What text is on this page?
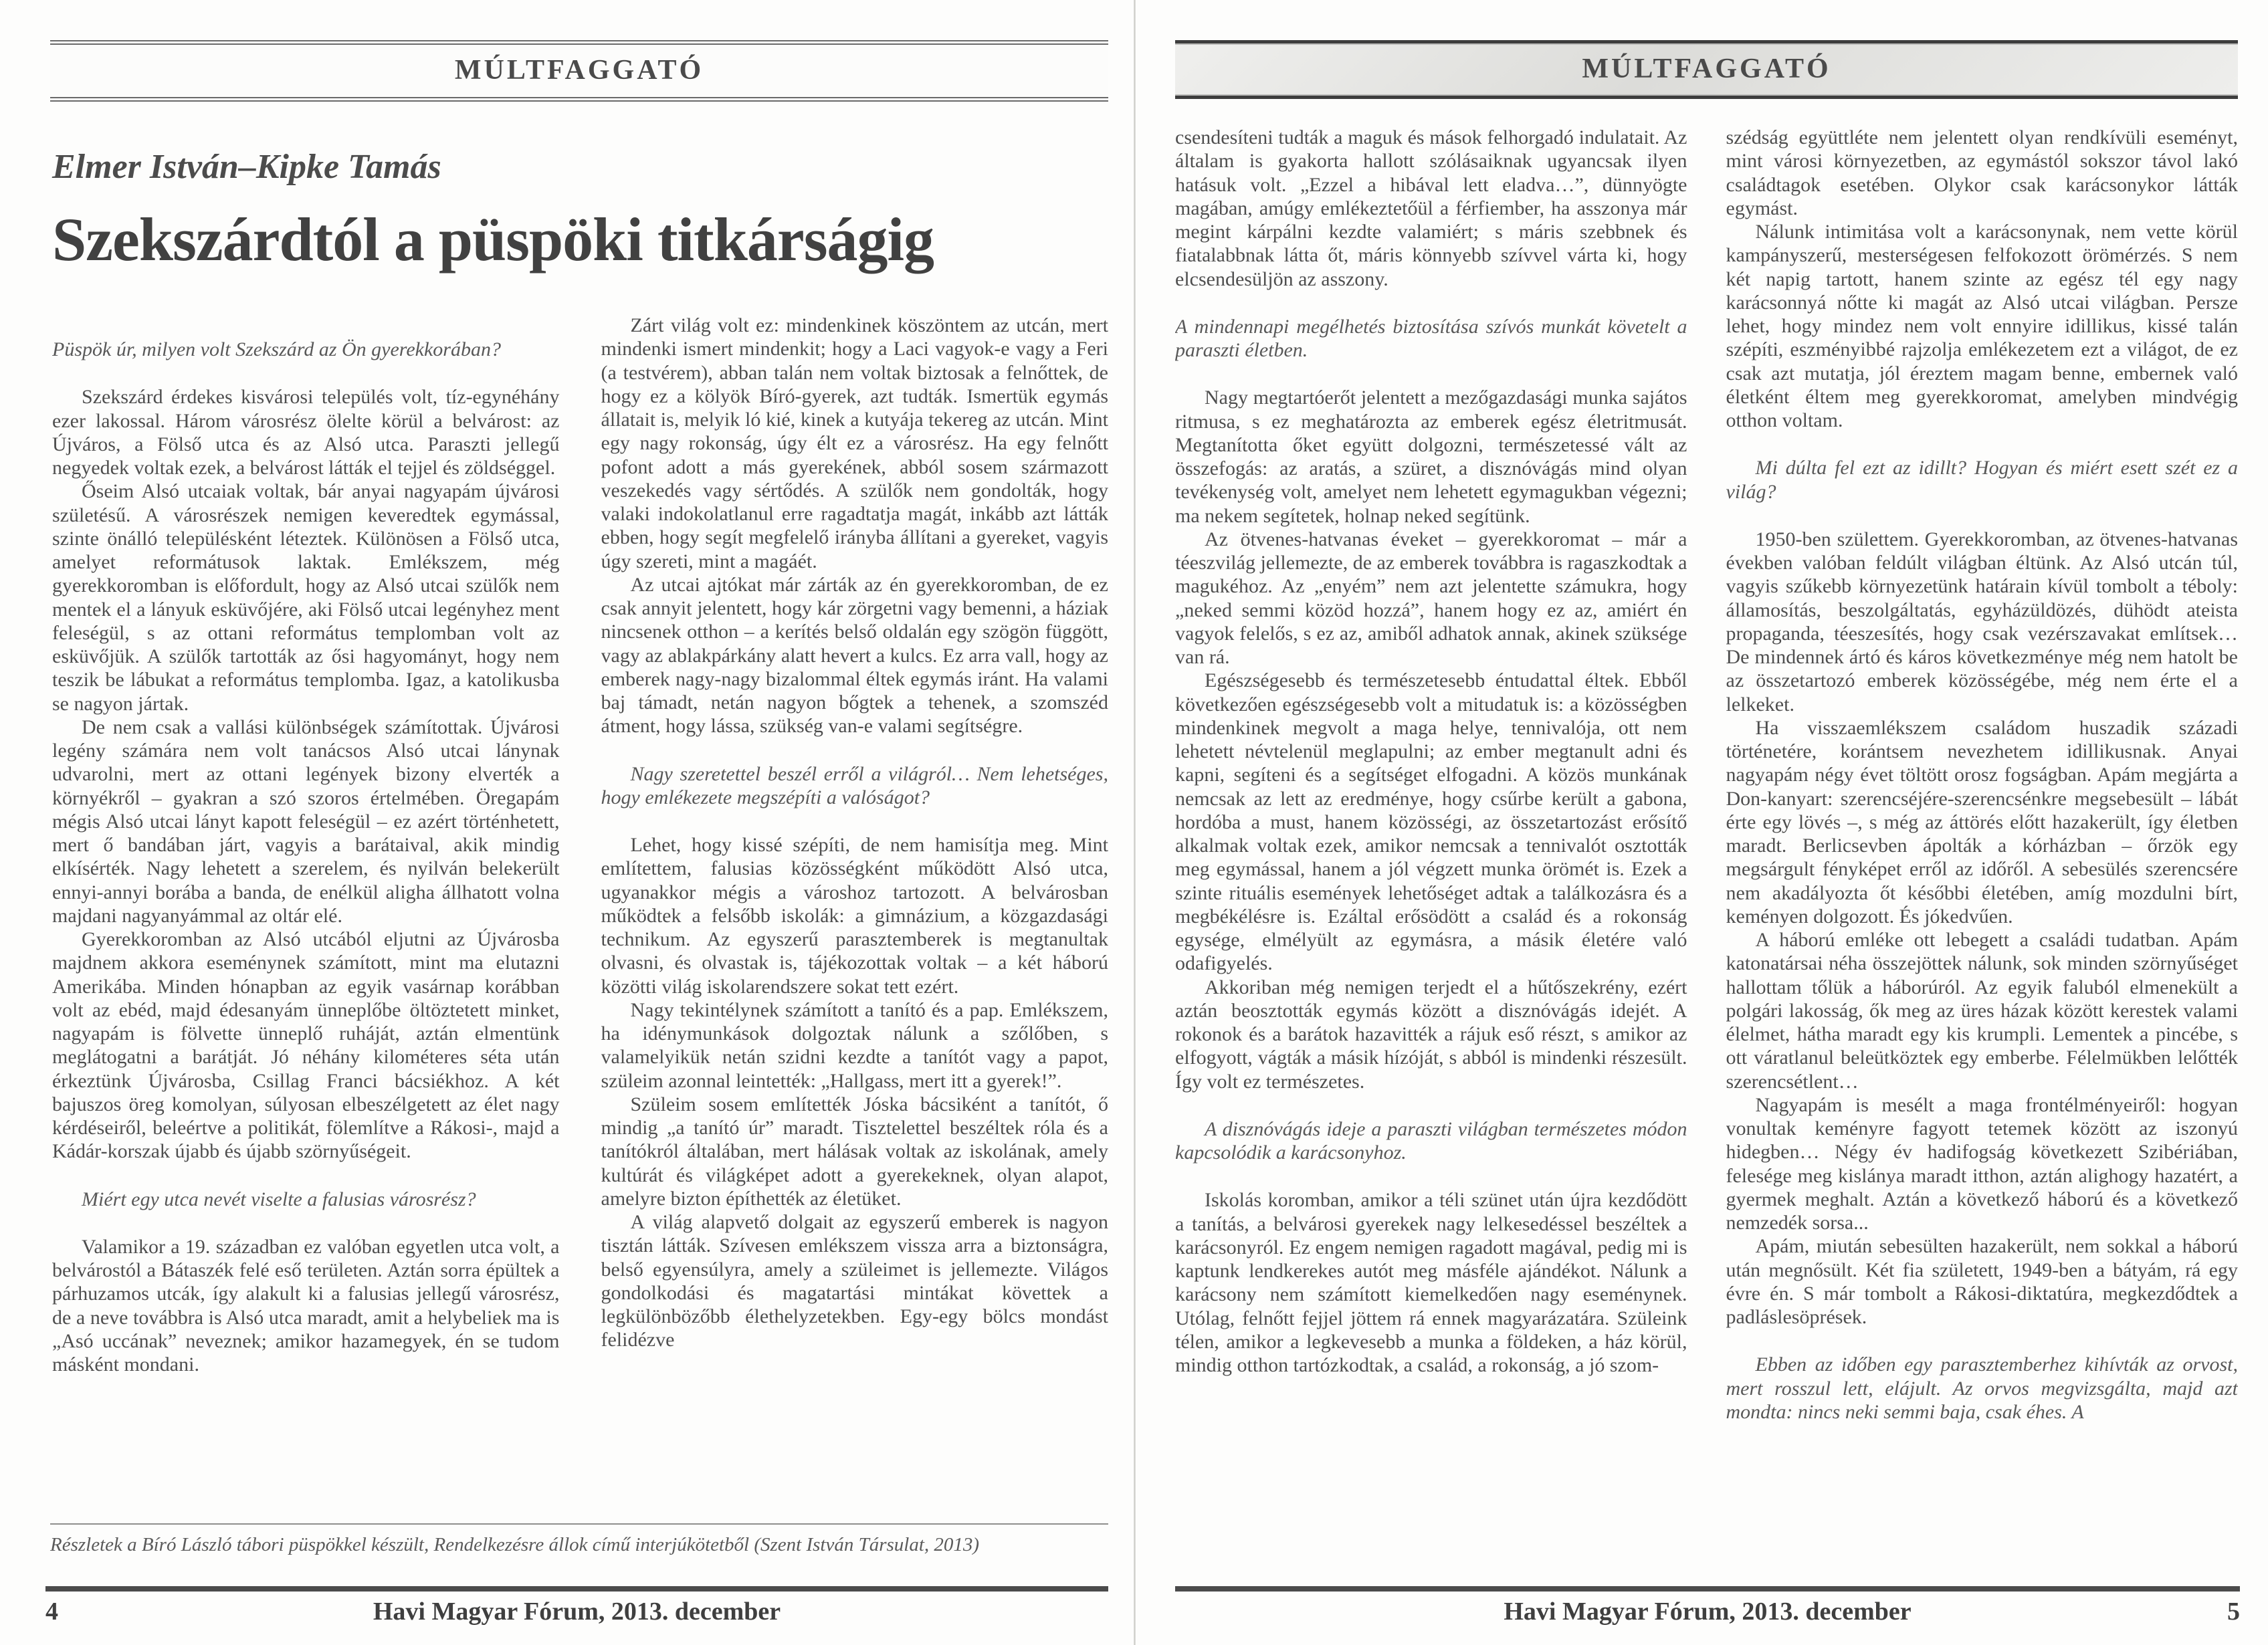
MÚLTFAGGATÓ
Elmer István–Kipke Tamás
Szekszárdtól a püspöki titkárságig

Püspök úr, milyen volt Szekszárd az Ön gyerekkorában?

Szekszárd érdekes kisvárosi település volt, tíz-egynéhány ezer lakossal. Három városrész ölelte körül a belvárost: az Újváros, a Fölső utca és az Alsó utca. Paraszti jellegű negyedek voltak ezek, a belvárost látták el tejjel és zöldséggel.

Őseim Alsó utcaiak voltak, bár anyai nagyapám újvárosi születésű. A városrészek nemigen keveredtek egymással, szinte önálló településként léteztek. Különösen a Fölső utca, amelyet reformátusok laktak. Emlékszem, még gyerekkoromban is előfordult, hogy az Alsó utcai szülők nem mentek el a lányuk esküvőjére, aki Fölső utcai legényhez ment feleségül, s az ottani református templomban volt az esküvőjük. A szülők tartották az ősi hagyományt, hogy nem teszik be lábukat a református templomba. Igaz, a katolikusba se nagyon jártak.

De nem csak a vallási különbségek számítottak. Újvárosi legény számára nem volt tanácsos Alsó utcai lánynak udvarolni, mert az ottani legények bizony elverték a környékről – gyakran a szó szoros értelmében. Öregapám mégis Alsó utcai lányt kapott feleségül – ez azért történhetett, mert ő bandában járt, vagyis a barátaival, akik mindig elkísérték. Nagy lehetett a szerelem, és nyilván belekerült ennyi-annyi borába a banda, de enélkül aligha állhatott volna majdani nagyanyámmal az oltár elé.

Gyerekkoromban az Alsó utcából eljutni az Újvárosba majdnem akkora eseménynek számított, mint ma elutazni Amerikába. Minden hónapban az egyik vasárnap korábban volt az ebéd, majd édesanyám ünneplőbe öltöztetett minket, nagyapám is fölvette ünneplő ruháját, aztán elmentünk meglátogatni a barátját. Jó néhány kilométeres séta után érkeztünk Újvárosba, Csillag Franci bácsiékhoz. A két bajuszos öreg komolyan, súlyosan elbeszélgetett az élet nagy kérdéseiről, beleértve a politikát, fölemlítve a Rákosi-, majd a Kádár-korszak újabb és újabb szörnyűségeit.

Miért egy utca nevét viselte a falusias városrész?

Valamikor a 19. században ez valóban egyetlen utca volt, a belvárostól a Bátaszék felé eső területen. Aztán sorra épültek a párhuzamos utcák, így alakult ki a falusias jellegű városrész, de a neve továbbra is Alsó utca maradt, amit a helybeliek ma is „Asó uccának” neveznek; amikor hazamegyek, én se tudom másként mondani.

Zárt világ volt ez: mindenkinek köszöntem az utcán, mert mindenki ismert mindenkit; hogy a Laci vagyok-e vagy a Feri (a testvérem), abban talán nem voltak biztosak a felnőttek, de hogy ez a kölyök Bíró-gyerek, azt tudták. Ismertük egymás állatait is, melyik ló kié, kinek a kutyája tekereg az utcán. Mint egy nagy rokonság, úgy élt ez a városrész. Ha egy felnőtt pofont adott a más gyerekének, abból sosem származott veszekedés vagy sértődés. A szülők nem gondolták, hogy valaki indokolatlanul erre ragadtatja magát, inkább azt látták ebben, hogy segít megfelelő irányba állítani a gyereket, vagyis úgy szereti, mint a magáét.

Az utcai ajtókat már zárták az én gyerekkoromban, de ez csak annyit jelentett, hogy kár zörgetni vagy bemenni, a háziak nincsenek otthon – a kerítés belső oldalán egy szögön függött, vagy az ablakpárkány alatt hevert a kulcs. Ez arra vall, hogy az emberek nagy-nagy bizalommal éltek egymás iránt. Ha valami baj támadt, netán nagyon bőgtek a tehenek, a szomszéd átment, hogy lássa, szükség van-e valami segítségre.

Nagy szeretettel beszél erről a világról… Nem lehetséges, hogy emlékezete megszépíti a valóságot?

Lehet, hogy kissé szépíti, de nem hamisítja meg. Mint említettem, falusias közösségként működött Alsó utca, ugyanakkor mégis a városhoz tartozott. A belvárosban működtek a felsőbb iskolák: a gimnázium, a közgazdasági technikum. Az egyszerű parasztemberek is megtanultak olvasni, és olvastak is, tájékozottak voltak – a két háború közötti világ iskolarendszere sokat tett ezért.

Nagy tekintélynek számított a tanító és a pap. Emlékszem, ha idénymunkások dolgoztak nálunk a szőlőben, s valamelyikük netán szidni kezdte a tanítót vagy a papot, szüleim azonnal leintették: „Hallgass, mert itt a gyerek!”.

Szüleim sosem említették Jóska bácsiként a tanítót, ő mindig „a tanító úr” maradt. Tisztelettel beszéltek róla és a tanítókról általában, mert hálásak voltak az iskolának, amely kultúrát és világképet adott a gyerekeknek, olyan alapot, amelyre bizton építhették az életüket.

A világ alapvető dolgait az egyszerű emberek is nagyon tisztán látták. Szívesen emlékszem vissza arra a biztonságra, belső egyensúlyra, amely a szüleimet is jellemezte. Világos gondolkodási és magatartási mintákat követtek a legkülönbözőbb élethelyzetekben. Egy-egy bölcs mondást felidézve

Részletek a Bíró László tábori püspökkel készült, Rendelkezésre állok című interjúkötetből (Szent István Társulat, 2013)
4	Havi Magyar Fórum, 2013. december
MÚLTFAGGATÓ

csendesíteni tudták a maguk és mások felhorgadó indulatait. Az általam is gyakorta hallott szólásaiknak ugyancsak ilyen hatásuk volt. „Ezzel a hibával lett eladva…”, dünnyögte magában, amúgy emlékeztetőül a férfiember, ha asszonya már megint kárpálni kezdte valamiért; s máris szebbnek és fiatalabbnak látta őt, máris könnyebb szívvel várta ki, hogy elcsendesüljön az asszony.

A mindennapi megélhetés biztosítása szívós munkát követelt a paraszti életben.

Nagy megtartóerőt jelentett a mezőgazdasági munka sajátos ritmusa, s ez meghatározta az emberek egész életritmusát. Megtanította őket együtt dolgozni, természetessé vált az összefogás: az aratás, a szüret, a disznóvágás mind olyan tevékenység volt, amelyet nem lehetett egymagukban végezni; ma nekem segítetek, holnap neked segítünk.

Az ötvenes-hatvanas éveket – gyerekkoromat – már a téeszvilág jellemezte, de az emberek továbbra is ragaszkodtak a magukéhoz. Az „enyém” nem azt jelentette számukra, hogy „neked semmi közöd hozzá”, hanem hogy ez az, amiért én vagyok felelős, s ez az, amiből adhatok annak, akinek szüksége van rá.

Egészségesebb és természetesebb éntudattal éltek. Ebből következően egészségesebb volt a mitudatuk is: a közösségben mindenkinek megvolt a maga helye, tennivalója, ott nem lehetett névtelenül meglapulni; az ember megtanult adni és kapni, segíteni és a segítséget elfogadni. A közös munkának nemcsak az lett az eredménye, hogy csűrbe került a gabona, hordóba a must, hanem közösségi, az összetartozást erősítő alkalmak voltak ezek, amikor nemcsak a tennivalót osztották meg egymással, hanem a jól végzett munka örömét is. Ezek a szinte rituális események lehetőséget adtak a találkozásra és a megbékélésre is. Ezáltal erősödött a család és a rokonság egysége, elmélyült az egymásra, a másik életére való odafigyelés.

Akkoriban még nemigen terjedt el a hűtőszekrény, ezért aztán beosztották egymás között a disznóvágás idejét. A rokonok és a barátok hazavitték a rájuk eső részt, s amikor az elfogyott, vágták a másik hízóját, s abból is mindenki részesült. Így volt ez természetes.

A disznóvágás ideje a paraszti világban természetes módon kapcsolódik a karácsonyhoz.

Iskolás koromban, amikor a téli szünet után újra kezdődött a tanítás, a belvárosi gyerekek nagy lelkesedéssel beszéltek a karácsonyról. Ez engem nemigen ragadott magával, pedig mi is kaptunk lendkerekes autót meg másféle ajándékot. Nálunk a karácsony nem számított kiemelkedően nagy eseménynek. Utólag, felnőtt fejjel jöttem rá ennek magyarázatára. Szüleink télen, amikor a legkevesebb a munka a földeken, a ház körül, mindig otthon tartózkodtak, a család, a rokonság, a jó szom-

szédság együttléte nem jelentett olyan rendkívüli eseményt, mint városi környezetben, az egymástól sokszor távol lakó családtagok esetében. Olykor csak karácsonykor látták egymást.

Nálunk intimitása volt a karácsonynak, nem vette körül kampányszerű, mesterségesen felfokozott örömérzés. S nem két napig tartott, hanem szinte az egész tél egy nagy karácsonnyá nőtte ki magát az Alsó utcai világban. Persze lehet, hogy mindez nem volt ennyire idillikus, kissé talán szépíti, eszményibbé rajzolja emlékezetem ezt a világot, de ez csak azt mutatja, jól éreztem magam benne, embernek való életként éltem meg gyerekkoromat, amelyben mindvégig otthon voltam.

Mi dúlta fel ezt az idillt? Hogyan és miért esett szét ez a világ?

1950-ben születtem. Gyerekkoromban, az ötvenes-hatvanas években valóban feldúlt világban éltünk. Az Alsó utcán túl, vagyis szűkebb környezetünk határain kívül tombolt a téboly: államosítás, beszolgáltatás, egyházüldözés, dühödt ateista propaganda, téeszesítés, hogy csak vezérszavakat említsek… De mindennek ártó és káros következménye még nem hatolt be az összetartozó emberek közösségébe, még nem érte el a lelkeket.

Ha visszaemlékszem családom huszadik századi történetére, korántsem nevezhetem idillikusnak. Anyai nagyapám négy évet töltött orosz fogságban. Apám megjárta a Don-kanyart: szerencséjére-szerencsénkre megsebesült – lábát érte egy lövés –, s még az áttörés előtt hazakerült, így életben maradt. Berlicsevben ápolták a kórházban – őrzök egy megsárgult fényképet erről az időről. A sebesülés szerencsére nem akadályozta őt későbbi életében, amíg mozdulni bírt, keményen dolgozott. És jókedvűen.

A háború emléke ott lebegett a családi tudatban. Apám katonatársai néha összejöttek nálunk, sok minden szörnyűséget hallottam tőlük a háborúról. Az egyik faluból elmenekült a polgári lakosság, ők meg az üres házak között kerestek valami élelmet, hátha maradt egy kis krumpli. Lementek a pincébe, s ott váratlanul beleütköztek egy emberbe. Félelmükben lelőtték szerencsétlent…

Nagyapám is mesélt a maga frontélményeiről: hogyan vonultak keményre fagyott tetemek között az iszonyú hidegben… Négy év hadifogság következett Szibériában, felesége meg kislánya maradt itthon, aztán alighogy hazatért, a gyermek meghalt. Aztán a következő háború és a következő nemzedék sorsa...

Apám, miután sebesülten hazakerült, nem sokkal a háború után megnősült. Két fia született, 1949-ben a bátyám, rá egy évre én. S már tombolt a Rákosi-diktatúra, megkezdődtek a padláslesöprések.

Ebben az időben egy parasztemberhez kihívták az orvost, mert rosszul lett, elájult. Az orvos megvizsgálta, majd azt mondta: nincs neki semmi baja, csak éhes. A

Havi Magyar Fórum, 2013. december	5
